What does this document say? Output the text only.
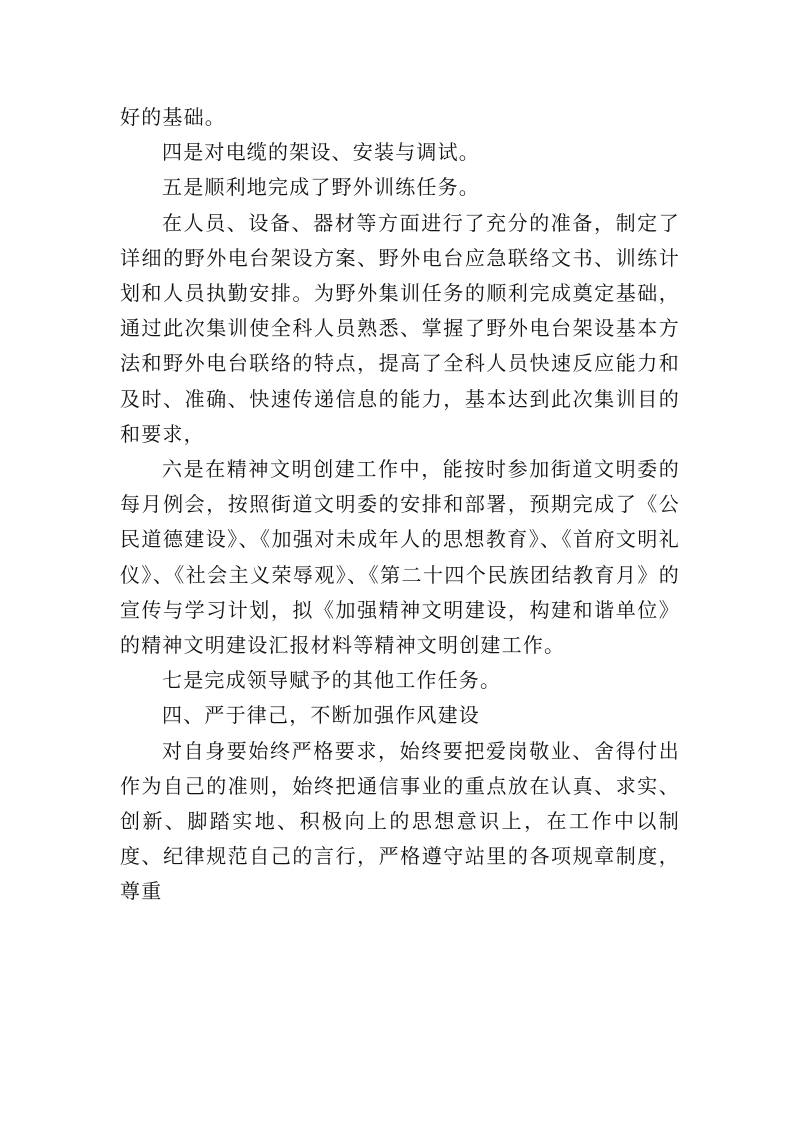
好的基础。

四是对电缆的架设、安装与调试。

五是顺利地完成了野外训练任务。

在人员、设备、器材等方面进行了充分的准备，制定了详细的野外电台架设方案、野外电台应急联络文书、训练计划和人员执勤安排。为野外集训任务的顺利完成奠定基础，通过此次集训使全科人员熟悉、掌握了野外电台架设基本方法和野外电台联络的特点，提高了全科人员快速反应能力和及时、准确、快速传递信息的能力，基本达到此次集训目的和要求，

六是在精神文明创建工作中，能按时参加街道文明委的每月例会，按照街道文明委的安排和部署，预期完成了《公民道德建设》、《加强对未成年人的思想教育》、《首府文明礼仪》、《社会主义荣辱观》、《第二十四个民族团结教育月》的宣传与学习计划，拟《加强精神文明建设，构建和谐单位》的精神文明建设汇报材料等精神文明创建工作。

七是完成领导赋予的其他工作任务。

四、严于律己，不断加强作风建设

对自身要始终严格要求，始终要把爱岗敬业、舍得付出作为自己的准则，始终把通信事业的重点放在认真、求实、创新、脚踏实地、积极向上的思想意识上，在工作中以制度、纪律规范自己的言行，严格遵守站里的各项规章制度，尊重
